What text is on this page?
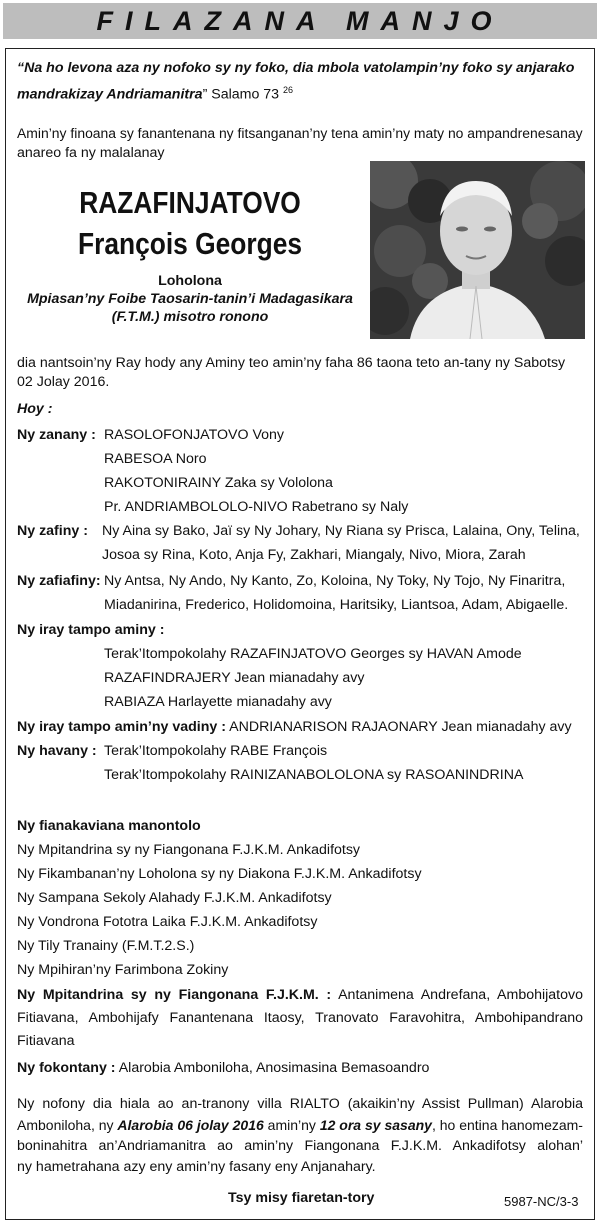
FILAZANA MANJO
“Na ho levona aza ny nofoko sy ny foko, dia mbola vatolampin’ny foko sy anjarako
mandrakizay Andriamanitra” Salamo 73 $^{26}$
Amin’ny finoana sy fanantenana ny fitsanganan’ny tena amin’ny maty no ampandrenesanay
anareo fa ny malalanay
RAZAFINJATOVO
François Georges
Loholona
Mpiasan’ny Foibe Taosarin-tanin’i Madagasikara
(F.T.M.) misotro ronono
dia nantsoin’ny Ray hody any Aminy teo amin’ny faha 86 taona teto an-tany ny Sabotsy
02 Jolay 2016.
Hoy :
Ny zanany : RASOLOFONJATOVO Vony
RABESOA Noro
RAKOTONIRAINY Zaka sy Vololona
Pr. ANDRIAMBOLOLO-NIVO Rabetrano sy Naly
Ny zafiny : Ny Aina sy Bako, Jaï sy Ny Johary, Ny Riana sy Prisca, Lalaina, Ony, Telina,
Josoa sy Rina, Koto, Anja Fy, Zakhari, Miangaly, Nivo, Miora, Zarah
Ny zafiafiny: Ny Antsa, Ny Ando, Ny Kanto, Zo, Koloina, Ny Toky, Ny Tojo, Ny Finaritra,
Miadanirina, Frederico, Holidomoina, Haritsiky, Liantsoa, Adam, Abigaelle.
Ny iray tampo aminy :
Terak’Itompokolahy RAZAFINJATOVO Georges sy HAVAN Amode
RAZAFINDRAJERY Jean mianadahy avy
RABIAZA Harlayette mianadahy avy
Ny iray tampo amin’ny vadiny : ANDRIANARISON RAJAONARY Jean mianadahy avy
Ny havany : Terak’Itompokolahy RABE François
Terak’Itompokolahy RAINIZANABOLOLONA sy RASOANINDRINA
Ny fianakaviana manontolo
Ny Mpitandrina sy ny Fiangonana F.J.K.M. Ankadifotsy
Ny Fikambanan’ny Loholona sy ny Diakona F.J.K.M. Ankadifotsy
Ny Sampana Sekoly Alahady F.J.K.M. Ankadifotsy
Ny Vondrona Fototra Laika F.J.K.M. Ankadifotsy
Ny Tily Tranainy (F.M.T.2.S.)
Ny Mpihiran’ny Farimbona Zokiny
Ny Mpitandrina sy ny Fiangonana F.J.K.M. : Antanimena Andrefana, Ambohijatovo
Fitiavana, Ambohijafy Fanantenana Itaosy, Tranovato Faravohitra, Ambohipandrano
Fitiavana
Ny fokontany : Alarobia Amboniloha, Anosimasina Bemasoandro
Ny nofony dia hiala ao an-tranony villa RIALTO (akaikin’ny Assist Pullman) Alarobia
Amboniloha, ny Alarobia 06 jolay 2016 amin’ny 12 ora sy sasany, ho entina hanomezam-
boninahitra an’Andriamanitra ao amin’ny Fiangonana F.J.K.M. Ankadifotsy alohan’
ny hametrahana azy eny amin’ny fasany eny Anjanahary.
Tsy misy fiaretan-tory	5987-NC/3-3
